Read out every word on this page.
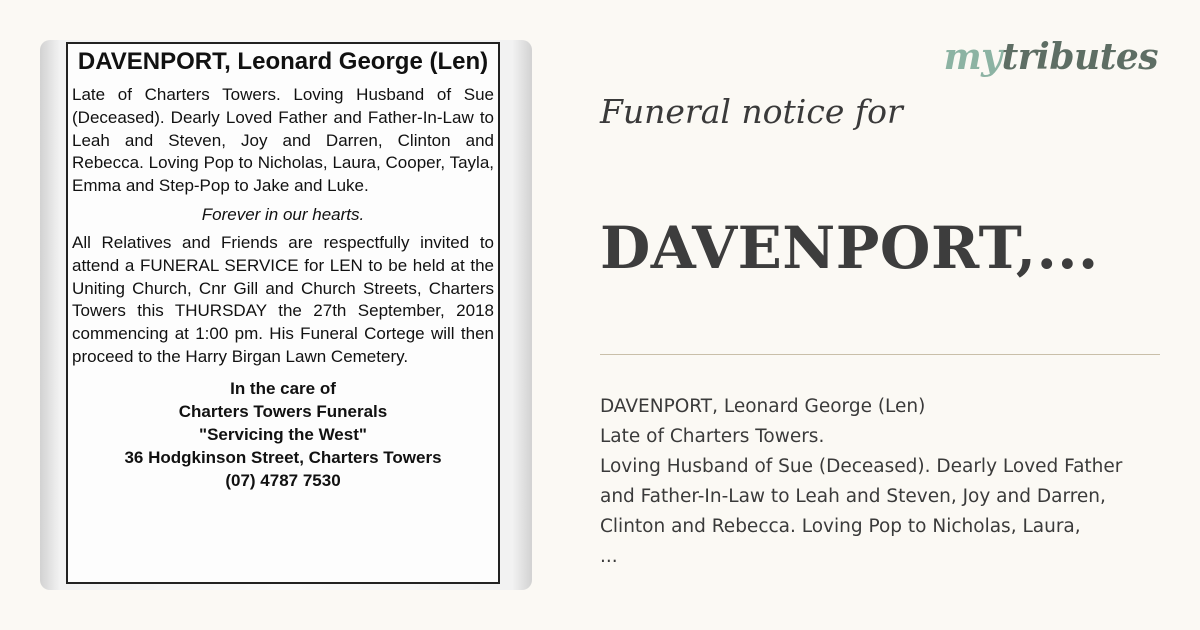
DAVENPORT, Leonard George (Len)

Late of Charters Towers. Loving Husband of Sue (Deceased). Dearly Loved Father and Father-In-Law to Leah and Steven, Joy and Darren, Clinton and Rebecca. Loving Pop to Nicholas, Laura, Cooper, Tayla, Emma and Step-Pop to Jake and Luke.

Forever in our hearts.

All Relatives and Friends are respectfully invited to attend a FUNERAL SERVICE for LEN to be held at the Uniting Church, Cnr Gill and Church Streets, Charters Towers this THURSDAY the 27th September, 2018 commencing at 1:00 pm. His Funeral Cortege will then proceed to the Harry Birgan Lawn Cemetery.

In the care of
Charters Towers Funerals
"Servicing the West"
36 Hodgkinson Street, Charters Towers
(07) 4787 7530
mytributes
Funeral notice for
DAVENPORT,...
DAVENPORT, Leonard George (Len)
Late of Charters Towers.
Loving Husband of Sue (Deceased). Dearly Loved Father
and Father-In-Law to Leah and Steven, Joy and Darren,
Clinton and Rebecca. Loving Pop to Nicholas, Laura,
...
